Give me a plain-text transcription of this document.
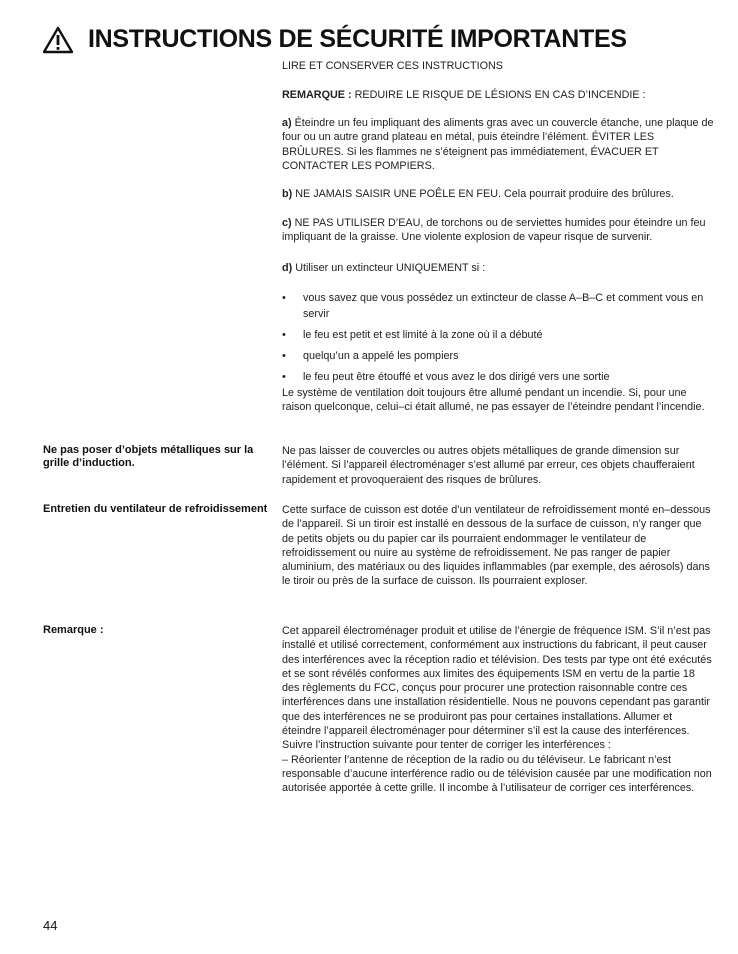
INSTRUCTIONS DE SÉCURITÉ IMPORTANTES

LIRE ET CONSERVER CES INSTRUCTIONS

REMARQUE : REDUIRE LE RISQUE DE LÉSIONS EN CAS D’INCENDIE :

a) Éteindre un feu impliquant des aliments gras avec un couvercle étanche, une plaque de four ou un autre grand plateau en métal, puis éteindre l’élément. ÉVITER LES BRÛLURES. Si les flammes ne s’éteignent pas immédiatement, ÉVACUER ET CONTACTER LES POMPIERS.

b) NE JAMAIS SAISIR UNE POÊLE EN FEU. Cela pourrait produire des brûlures.

c) NE PAS UTILISER D’EAU, de torchons ou de serviettes humides pour éteindre un feu impliquant de la graisse. Une violente explosion de vapeur risque de survenir.

d) Utiliser un extincteur UNIQUEMENT si :

• vous savez que vous possédez un extincteur de classe A–B–C et comment vous en servir
• le feu est petit et est limité à la zone où il a débuté
• quelqu’un a appelé les pompiers
• le feu peut être étouffé et vous avez le dos dirigé vers une sortie

Le système de ventilation doit toujours être allumé pendant un incendie. Si, pour une raison quelconque, celui–ci était allumé, ne pas essayer de l’éteindre pendant l’incendie.

Ne pas poser d’objets métalliques sur la grille d’induction.

Ne pas laisser de couvercles ou autres objets métalliques de grande dimension sur l’élément. Si l’appareil électroménager s’est allumé par erreur, ces objets chaufferaient rapidement et provoqueraient des risques de brûlures.

Entretien du ventilateur de refroidissement	Cette surface de cuisson est dotée d’un ventilateur de refroidissement monté en–dessous de l’appareil. Si un tiroir est installé en dessous de la surface de cuisson, n’y ranger que de petits objets ou du papier car ils pourraient endommager le ventilateur de refroidissement ou nuire au système de refroidissement. Ne pas ranger de papier aluminium, des matériaux ou des liquides inflammables (par exemple, des aérosols) dans le tiroir ou près de la surface de cuisson. Ils pourraient exploser.

Remarque :	Cet appareil électroménager produit et utilise de l’énergie de fréquence ISM. S’il n’est pas installé et utilisé correctement, conformément aux instructions du fabricant, il peut causer des interférences avec la réception radio et télévision. Des tests par type ont été exécutés et se sont révélés conformes aux limites des équipements ISM en vertu de la partie 18 des règlements du FCC, conçus pour procurer une protection raisonnable contre ces interférences dans une installation résidentielle. Nous ne pouvons cependant pas garantir que des interférences ne se produiront pas pour certaines installations. Allumer et éteindre l’appareil électroménager pour déterminer s’il est la cause des interférences. Suivre l’instruction suivante pour tenter de corriger les interférences :

– Réorienter l’antenne de réception de la radio ou du téléviseur. Le fabricant n’est responsable d’aucune interférence radio ou de télévision causée par une modification non autorisée apportée à cette grille. Il incombe à l’utilisateur de corriger ces interférences.

44
